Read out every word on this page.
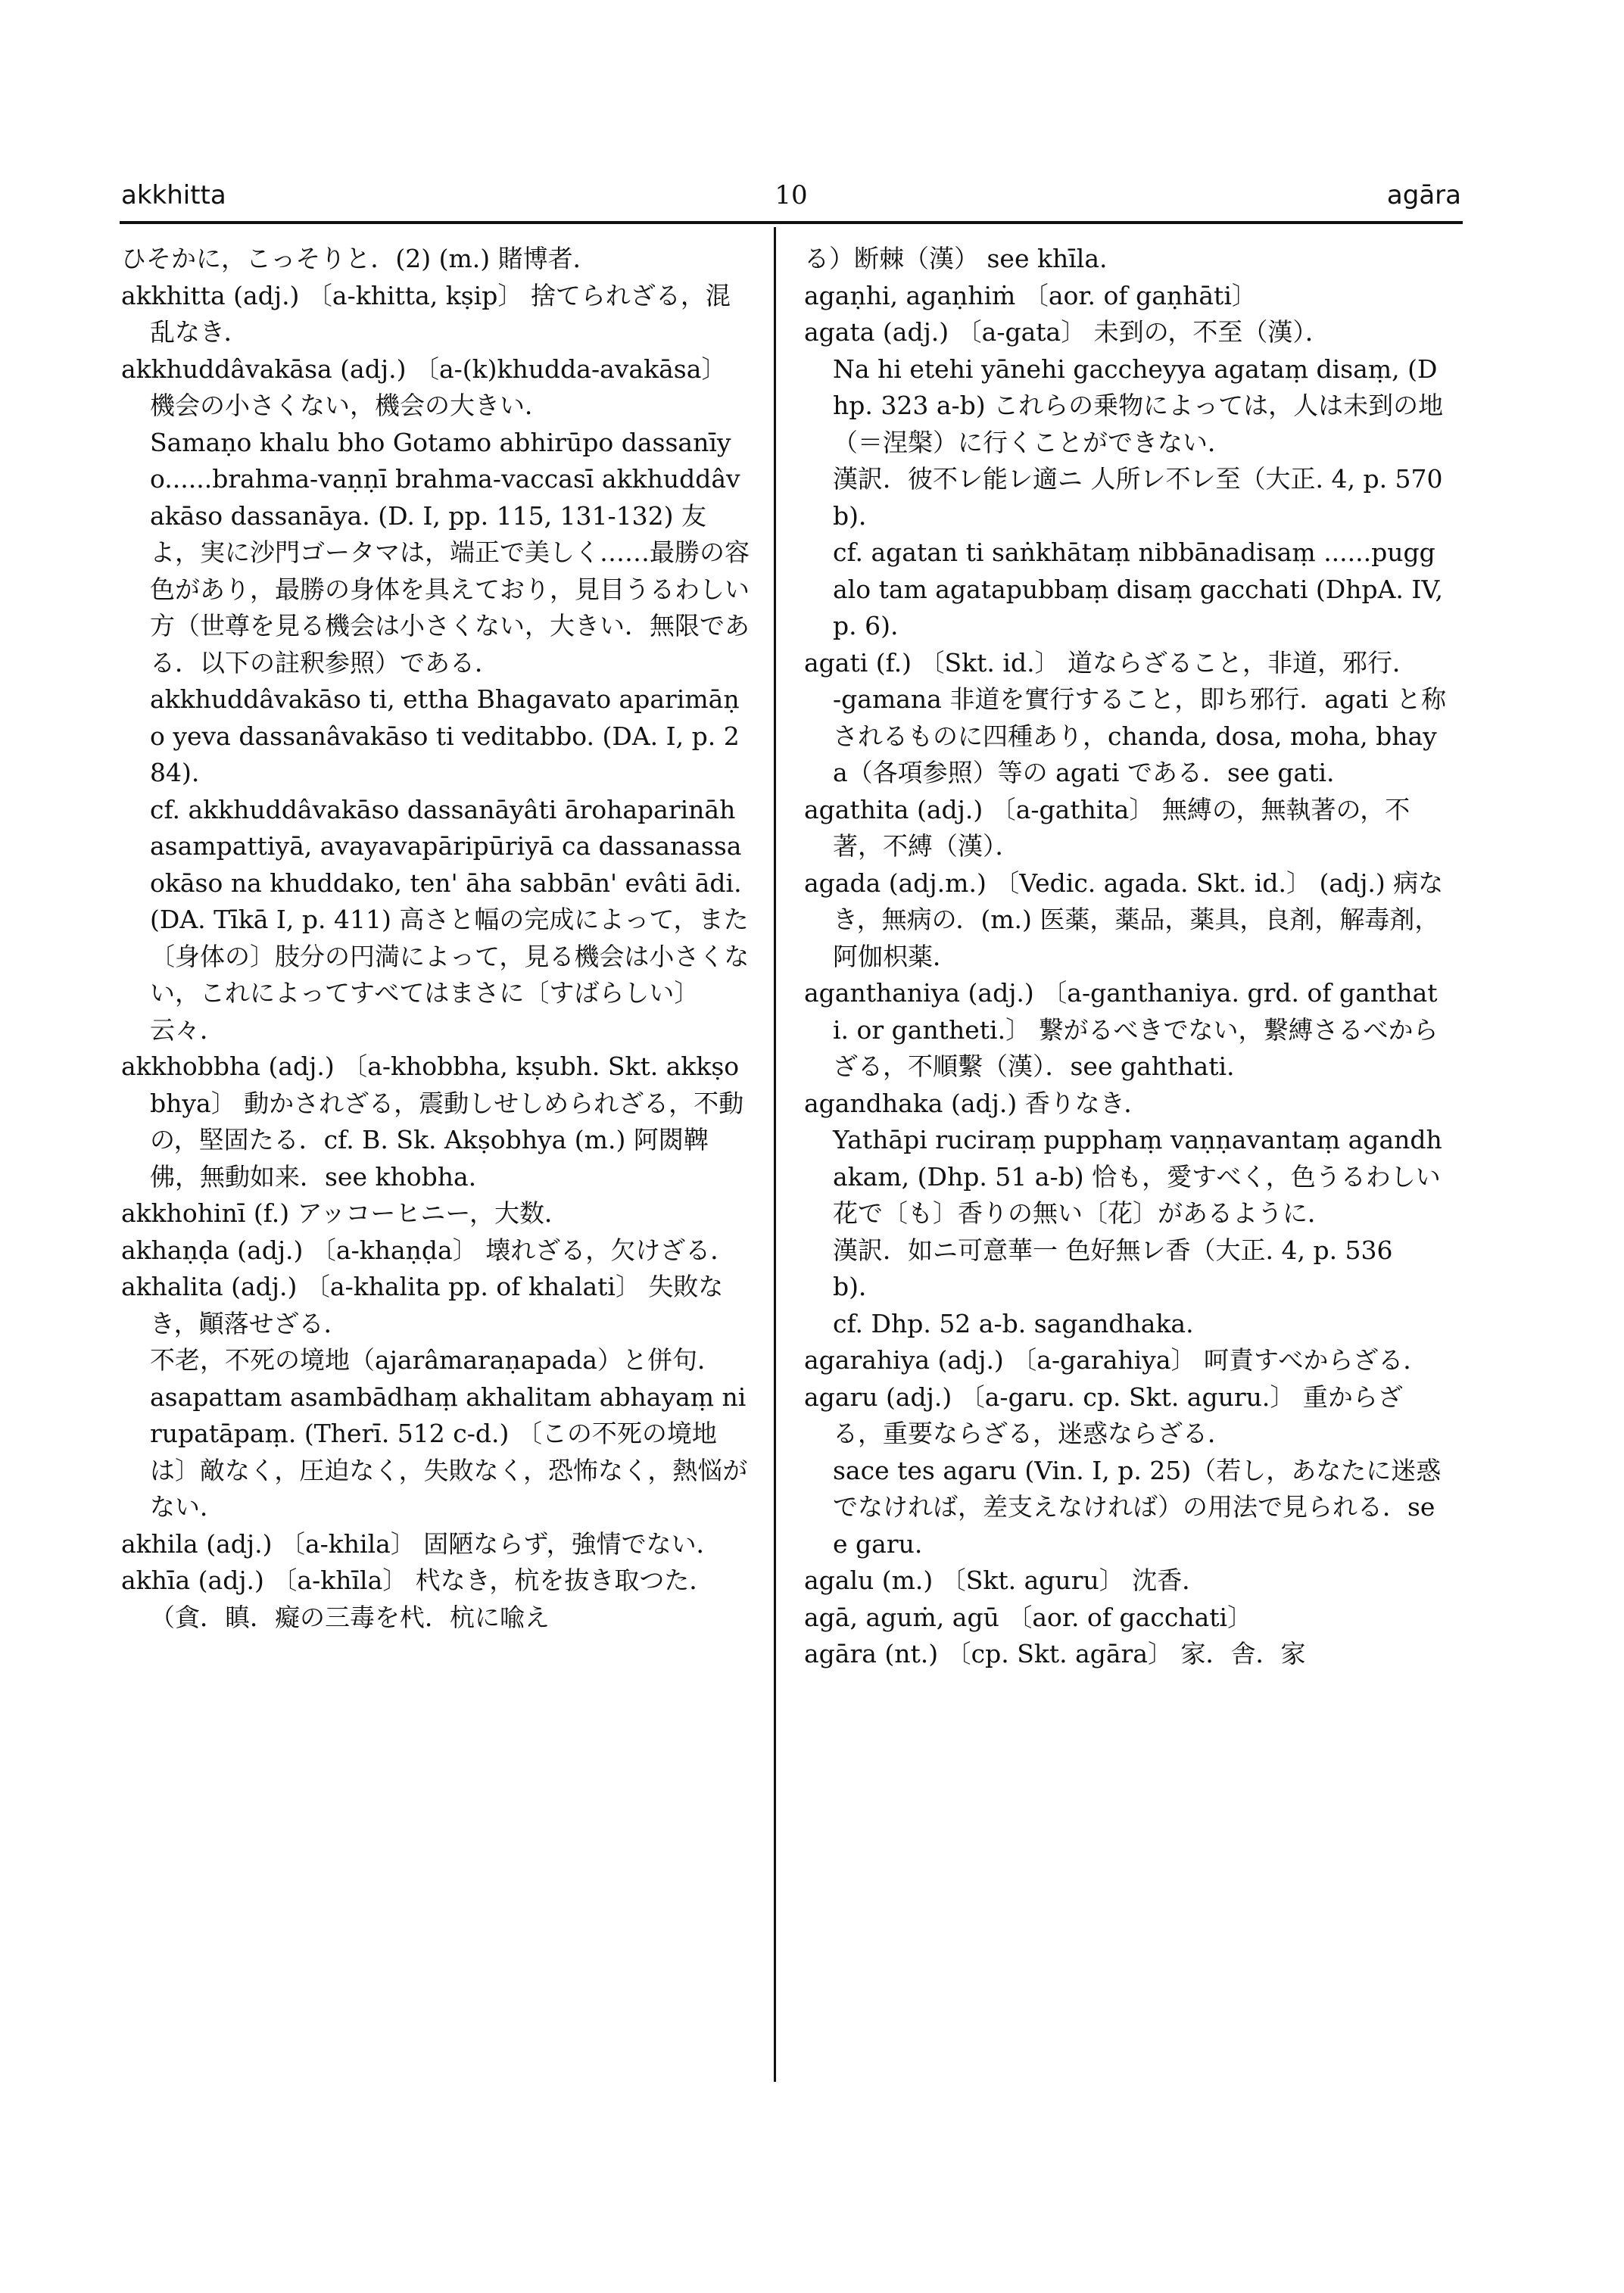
akkhitta	10	agāra

ひそかに，こっそりと．(2) (m.) 賭博者．

akkhitta (adj.) 〔a-khitta, kṣip〕 捨てられざる，混乱なき．

akkhuddâvakāsa (adj.) 〔a-(k)khudda-avakāsa〕 機会の小さくない，機会の大きい．

Samaṇo khalu bho Gotamo abhirūpo dassanīyo......brahma-vaṇṇī brahma-vaccasī akkhuddâvakāso dassanāya. (D. I, pp. 115, 131-132) 友よ，実に沙門ゴータマは，端正で美しく……最勝の容色があり，最勝の身体を具えており，見目うるわしい方（世尊を見る機会は小さくない，大きい．無限である．以下の註釈参照）である．

akkhuddâvakāso ti, ettha Bhagavato aparimāṇo yeva dassanâvakāso ti veditabbo. (DA. I, p. 284).

cf. akkhuddâvakāso dassanāyâti ārohaparināhasampattiyā, avayavapāripūriyā ca dassanassa okāso na khuddako, ten' āha sabbān' evâti ādi. (DA. Tīkā I, p. 411) 高さと幅の完成によって，また〔身体の〕肢分の円満によって，見る機会は小さくない，これによってすべてはまさに〔すばらしい〕云々．

akkhobbha (adj.) 〔a-khobbha, kṣubh. Skt. akkṣobhya〕 動かされざる，震動しせしめられざる，不動の，堅固たる．cf. B. Sk. Akṣobhya (m.) 阿閦鞞佛，無動如来．see khobha.

akkhohinī (f.) アッコーヒニー，大数．

akhaṇḍa (adj.) 〔a-khaṇḍa〕 壊れざる，欠けざる．

akhalita (adj.) 〔a-khalita pp. of khalati〕 失敗なき，顚落せざる．

不老，不死の境地（ajarâmaraṇapada）と併句．

asapattam asambādhaṃ akhalitam abhayaṃ nirupatāpaṃ. (Therī. 512 c-d.) 〔この不死の境地は〕敵なく，圧迫なく，失敗なく，恐怖なく，熱悩がない．

akhila (adj.) 〔a-khila〕 固陋ならず，強情でない．

akhīa (adj.) 〔a-khīla〕 杙なき，杭を抜き取つた．（貪．瞋．癡の三毒を杙．杭に喩え

る）断棘（漢） see khīla.

agaṇhi, agaṇhiṁ 〔aor. of gaṇhāti〕

agata (adj.) 〔a-gata〕 未到の，不至（漢）．

Na hi etehi yānehi gaccheyya agataṃ disaṃ, (Dhp. 323 a-b) これらの乗物によっては，人は未到の地（＝涅槃）に行くことができない．

漢訳．彼不レ能レ適ニ 人所レ不レ至（大正. 4, p. 570 b)．

cf. agatan ti saṅkhātaṃ nibbānadisaṃ ......puggalo tam agatapubbaṃ disaṃ gacchati (DhpA. IV, p. 6).

agati (f.) 〔Skt. id.〕 道ならざること，非道，邪行．

-gamana 非道を實行すること，即ち邪行．agati と称されるものに四種あり，chanda, dosa, moha, bhaya（各項参照）等の agati である．see gati.

agathita (adj.) 〔a-gathita〕 無縛の，無執著の，不著，不縛（漢）．

agada (adj.m.) 〔Vedic. agada. Skt. id.〕 (adj.) 病なき，無病の．(m.) 医薬，薬品，薬具，良剤，解毒剤，阿伽枳薬．

aganthaniya (adj.) 〔a-ganthaniya. grd. of ganthati. or gantheti.〕 繋がるべきでない，繋縛さるべからざる，不順繫（漢）．see gahthati.

agandhaka (adj.) 香りなき．

Yathāpi ruciraṃ pupphaṃ vaṇṇavantaṃ agandhakam, (Dhp. 51 a-b) 恰も，愛すべく，色うるわしい花で〔も〕香りの無い〔花〕があるように．

漢訳．如ニ可意華一 色好無レ香（大正. 4, p. 536 b)．

cf. Dhp. 52 a-b. sagandhaka.

agarahiya (adj.) 〔a-garahiya〕 呵責すべからざる．

agaru (adj.) 〔a-garu. cp. Skt. aguru.〕 重からざる，重要ならざる，迷惑ならざる．

sace tes agaru (Vin. I, p. 25)（若し，あなたに迷惑でなければ，差支えなければ）の用法で見られる．see garu.

agalu (m.) 〔Skt. aguru〕 沈香．

agā, aguṁ, agū 〔aor. of gacchati〕

agāra (nt.) 〔cp. Skt. agāra〕 家．舎．家
